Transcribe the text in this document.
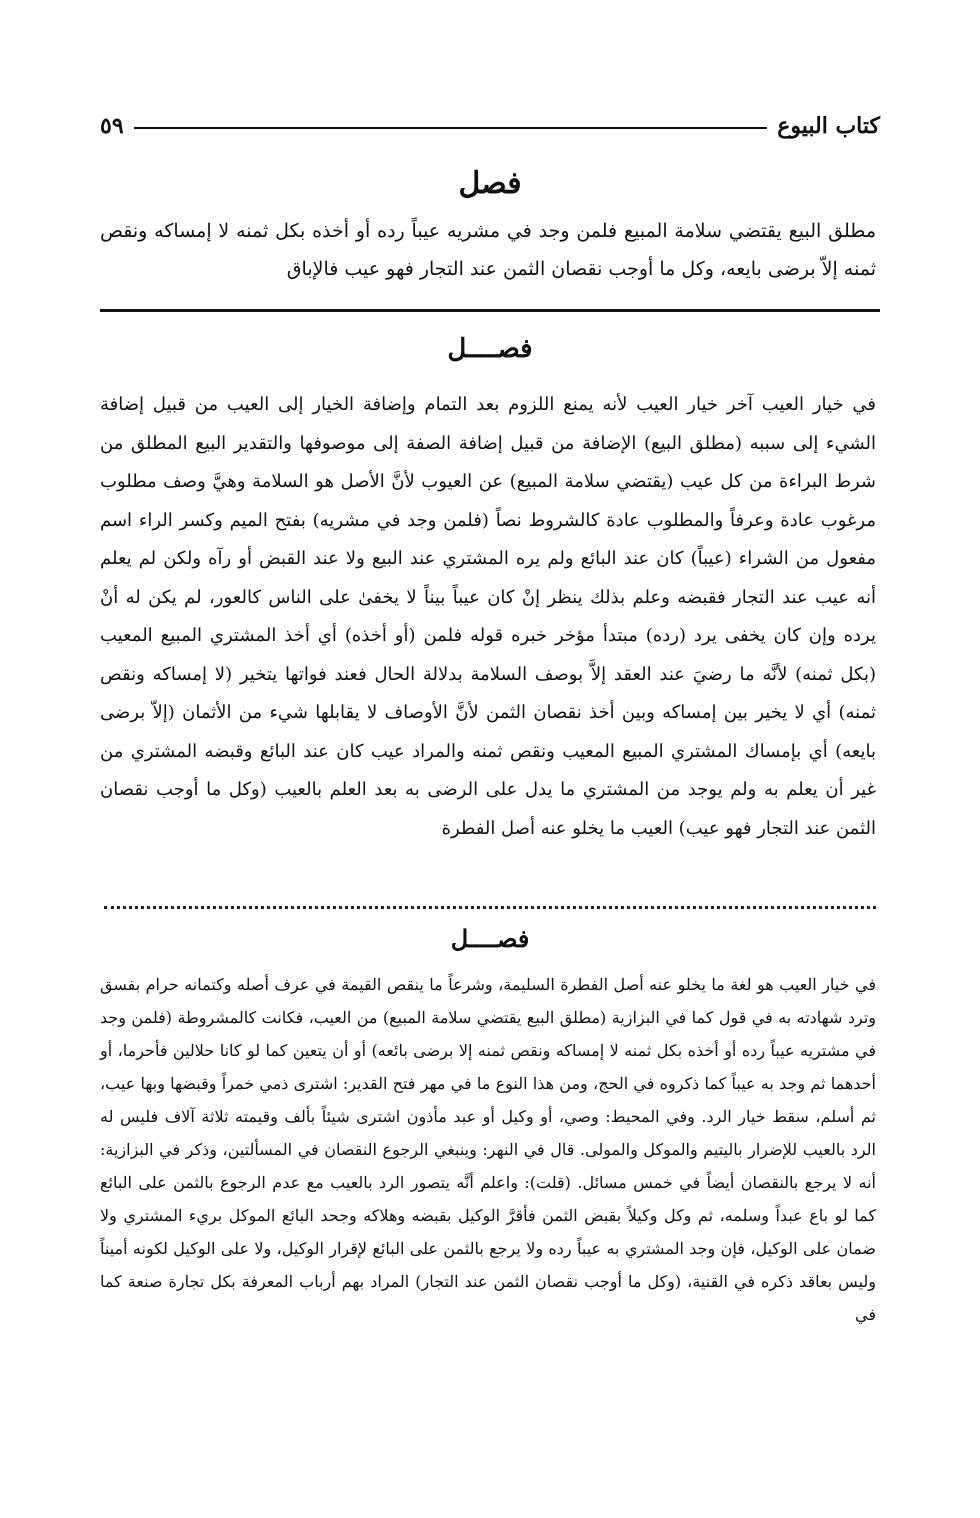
كتاب البيوع
٥٩
فصل

مطلق البيع يقتضي سلامة المبيع فلمن وجد في مشريه عيباً رده أو أخذه بكل ثمنه لا إمساكه ونقص ثمنه إلاّ برضى بايعه، وكل ما أوجب نقصان الثمن عند التجار فهو عيب فالإباق

فصــــل

في خيار العيب آخر خيار العيب لأنه يمنع اللزوم بعد التمام وإضافة الخيار إلى العيب من قبيل إضافة الشيء إلى سببه (مطلق البيع) الإضافة من قبيل إضافة الصفة إلى موصوفها والتقدير البيع المطلق من شرط البراءة من كل عيب (يقتضي سلامة المبيع) عن العيوب لأنَّ الأصل هو السلامة وهيَّ وصف مطلوب مرغوب عادة وعرفاً والمطلوب عادة كالشروط نصاً (فلمن وجد في مشريه) بفتح الميم وكسر الراء اسم مفعول من الشراء (عيباً) كان عند البائع ولم يره المشتري عند البيع ولا عند القبض أو رآه ولكن لم يعلم أنه عيب عند التجار فقبضه وعلم بذلك ينظر إنْ كان عيباً بيناً لا يخفىٰ على الناس كالعور، لم يكن له أنْ يرده وإن كان يخفى يرد (رده) مبتدأ مؤخر خبره قوله فلمن (أو أخذه) أي أخذ المشتري المبيع المعيب (بكل ثمنه) لأنَّه ما رضيَ عند العقد إلاَّ بوصف السلامة بدلالة الحال فعند فواتها يتخير (لا إمساكه ونقص ثمنه) أي لا يخير بين إمساكه وبين أخذ نقصان الثمن لأنَّ الأوصاف لا يقابلها شيء من الأثمان (إلاّ برضى بايعه) أي بإمساك المشتري المبيع المعيب ونقص ثمنه والمراد عيب كان عند البائع وقبضه المشتري من غير أن يعلم به ولم يوجد من المشتري ما يدل على الرضى به بعد العلم بالعيب (وكل ما أوجب نقصان الثمن عند التجار فهو عيب) العيب ما يخلو عنه أصل الفطرة

فصــــل

في خيار العيب هو لغة ما يخلو عنه أصل الفطرة السليمة، وشرعاً ما ينقص القيمة في عرف أصله وكتمانه حرام بفسق وترد شهادته به في قول كما في البزازية (مطلق البيع يقتضي سلامة المبيع) من العيب، فكانت كالمشروطة (فلمن وجد في مشتريه عيباً رده أو أخذه بكل ثمنه لا إمساكه ونقص ثمنه إلا برضى بائعه) أو أن يتعين كما لو كانا حلالين فأحرما، أو أحدهما ثم وجد به عيباً كما ذكروه في الحج، ومن هذا النوع ما في مهر فتح القدير: اشترى ذمي خمراً وقبضها وبها عيب، ثم أسلم، سقط خيار الرد. وفي المحيط: وصي، أو وكيل أو عبد مأذون اشترى شيئاً بألف وقيمته ثلاثة آلاف فليس له الرد بالعيب للإضرار باليتيم والموكل والمولى. قال في النهر: وينبغي الرجوع النقصان في المسألتين، وذكر في البزازية: أنه لا يرجع بالنقصان أيضاً في خمس مسائل. (قلت): واعلم أنَّه يتصور الرد بالعيب مع عدم الرجوع بالثمن على البائع كما لو باع عبداً وسلمه، ثم وكل وكيلاً بقبض الثمن فأقرَّ الوكيل بقبضه وهلاكه وجحد البائع الموكل بريء المشتري ولا ضمان على الوكيل، فإن وجد المشتري به عيباً رده ولا يرجع بالثمن على البائع لإقرار الوكيل، ولا على الوكيل لكونه أميناً وليس بعاقد ذكره في القنية، (وكل ما أوجب نقصان الثمن عند التجار) المراد بهم أرباب المعرفة بكل تجارة صنعة كما في
